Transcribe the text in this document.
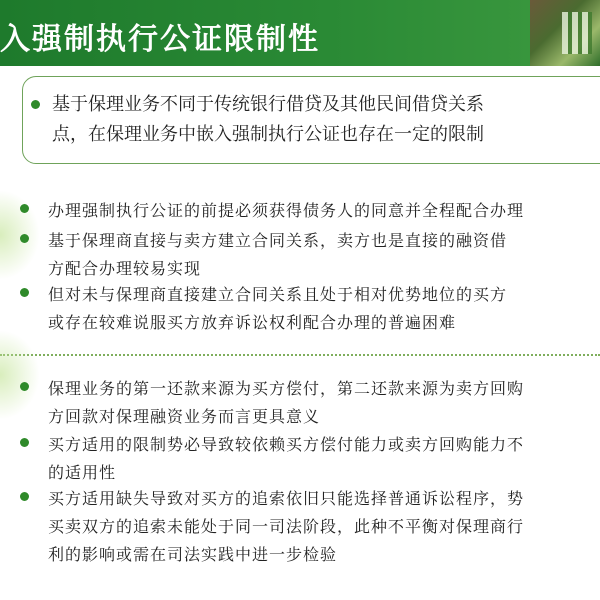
入强制执行公证限制性
基于保理业务不同于传统银行借贷及其他民间借贷关系
点，在保理业务中嵌入强制执行公证也存在一定的限制
办理强制执行公证的前提必须获得债务人的同意并全程配合办理
基于保理商直接与卖方建立合同关系，卖方也是直接的融资借
方配合办理较易实现
但对未与保理商直接建立合同关系且处于相对优势地位的买方
或存在较难说服买方放弃诉讼权利配合办理的普遍困难
保理业务的第一还款来源为买方偿付，第二还款来源为卖方回购
方回款对保理融资业务而言更具意义
买方适用的限制势必导致较依赖买方偿付能力或卖方回购能力不
的适用性
买方适用缺失导致对买方的追索依旧只能选择普通诉讼程序，势
买卖双方的追索未能处于同一司法阶段，此种不平衡对保理商行
利的影响或需在司法实践中进一步检验
